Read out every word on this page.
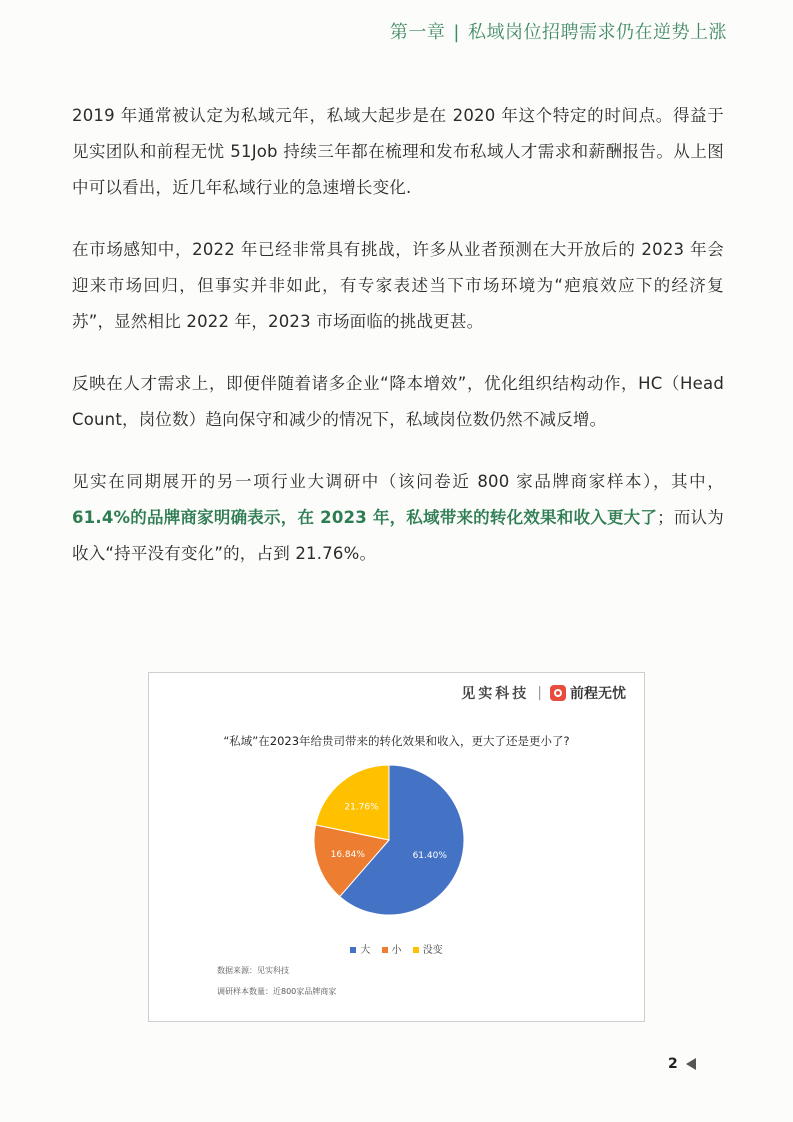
第一章 | 私域岗位招聘需求仍在逆势上涨

2019 年通常被认定为私域元年，私域大起步是在 2020 年这个特定的时间点。得益于见实团队和前程无忧 51Job 持续三年都在梳理和发布私域人才需求和薪酬报告。从上图中可以看出，近几年私域行业的急速增长变化.

在市场感知中，2022 年已经非常具有挑战，许多从业者预测在大开放后的 2023 年会迎来市场回归，但事实并非如此，有专家表述当下市场环境为“疤痕效应下的经济复苏”，显然相比 2022 年，2023 市场面临的挑战更甚。

反映在人才需求上，即便伴随着诸多企业“降本增效”，优化组织结构动作，HC（Head Count，岗位数）趋向保守和减少的情况下，私域岗位数仍然不减反增。

见实在同期展开的另一项行业大调研中（该问卷近 800 家品牌商家样本），其中，61.4%的品牌商家明确表示，在 2023 年，私域带来的转化效果和收入更大了；而认为收入“持平没有变化”的，占到 21.76%。

见实科技 | 前程无忧
“私域”在2023年给贵司带来的转化效果和收入，更大了还是更小了?
61.40%
16.84%
21.76%
大 小 没变
数据来源：见实科技
调研样本数量：近800家品牌商家
2
